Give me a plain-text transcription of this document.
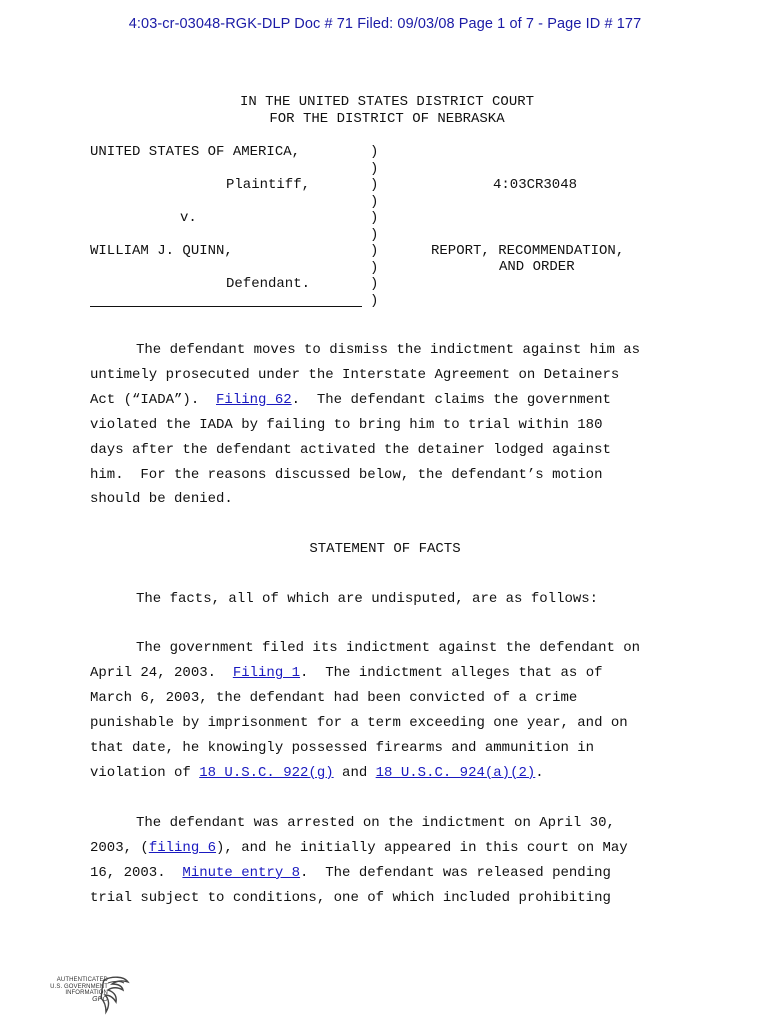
4:03-cr-03048-RGK-DLP Doc # 71 Filed: 09/03/08 Page 1 of 7 - Page ID # 177
IN THE UNITED STATES DISTRICT COURT
FOR THE DISTRICT OF NEBRASKA
UNITED STATES OF AMERICA,
Plaintiff,
v.
WILLIAM J. QUINN,
Defendant.
)
)
)
)
)
)
)
)
)
)
4:03CR3048
REPORT, RECOMMENDATION,
AND ORDER
The defendant moves to dismiss the indictment against him as
untimely prosecuted under the Interstate Agreement on Detainers
Act (“IADA”).  Filing 62.  The defendant claims the government
violated the IADA by failing to bring him to trial within 180
days after the defendant activated the detainer lodged against
him.  For the reasons discussed below, the defendant’s motion
should be denied.
STATEMENT OF FACTS
The facts, all of which are undisputed, are as follows:
The government filed its indictment against the defendant on
April 24, 2003.  Filing 1.  The indictment alleges that as of
March 6, 2003, the defendant had been convicted of a crime
punishable by imprisonment for a term exceeding one year, and on
that date, he knowingly possessed firearms and ammunition in
violation of 18 U.S.C. 922(g) and 18 U.S.C. 924(a)(2).
The defendant was arrested on the indictment on April 30,
2003, (filing 6), and he initially appeared in this court on May
16, 2003.  Minute entry 8.  The defendant was released pending
trial subject to conditions, one of which included prohibiting
AUTHENTICATED
U.S. GOVERNMENT
INFORMATION
GPO
